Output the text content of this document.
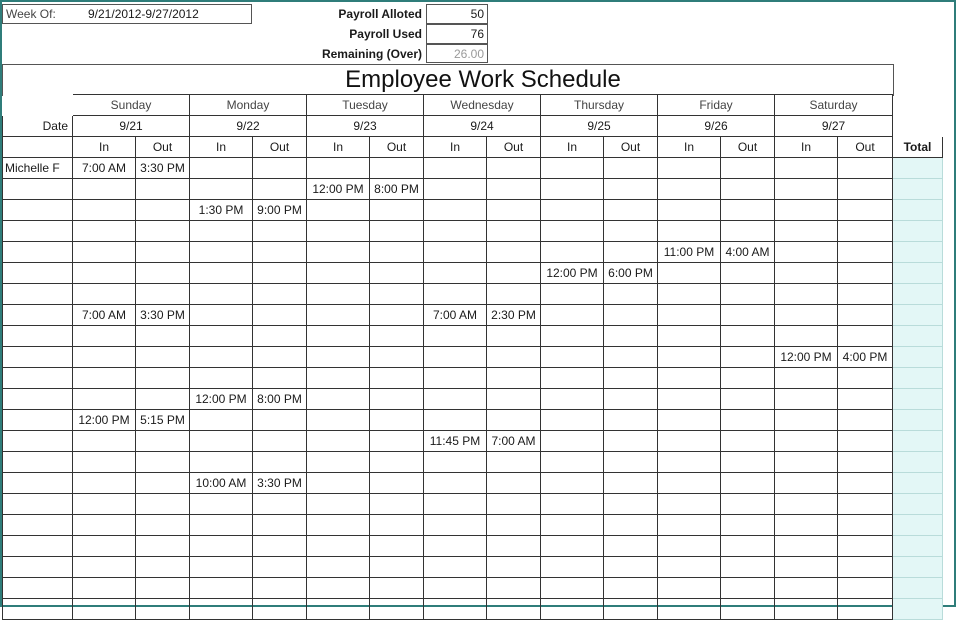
Week Of:	9/21/2012-9/27/2012	Payroll Alloted	50
Payroll Used	76
Remaining (Over)	26.00
Employee Work Schedule
	Sunday		Monday		Tuesday		Wednesday		Thursday		Friday		Saturday		
Date	9/21		9/22		9/23		9/24		9/25		9/26		9/27		
	In	Out	In	Out	In	Out	In	Out	In	Out	In	Out	In	Out	Total
Michelle F	7:00 AM	3:30 PM													
					12:00 PM	8:00 PM									
			1:30 PM	9:00 PM											

											11:00 PM	4:00 AM			
									12:00 PM	6:00 PM					

	7:00 AM	3:30 PM					7:00 AM	2:30 PM							

													12:00 PM	4:00 PM	

			12:00 PM	8:00 PM											
	12:00 PM	5:15 PM													
							11:45 PM	7:00 AM							

			10:00 AM	3:30 PM											
